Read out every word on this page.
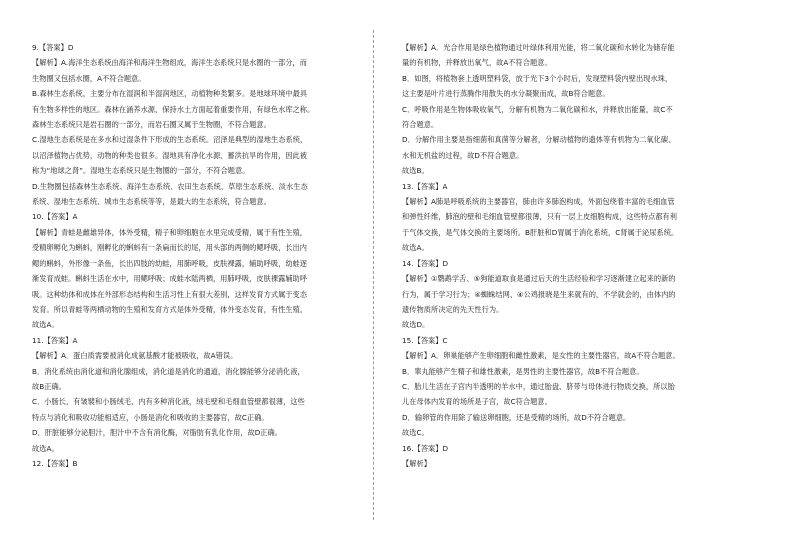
9.【答案】D
【解析】A.海洋生态系统由海洋和海洋生物组成，海洋生态系统只是水圈的一部分，而
生物圈又包括水圈，A不符合题意。
B.森林生态系统，主要分布在湿润和半湿润地区，动植物种类繁多。是地球环境中最具
有生物多样性的地区。森林在涵养水源，保持水土方面起着重要作用，有绿色水库之称。
森林生态系统只是岩石圈的一部分，而岩石圈又属于生物圈，不符合题意。
C.湿地生态系统是在多水和过湿条件下形成的生态系统。沼泽是典型的湿地生态系统，
以沼泽植物占优势，动物的种类也很多。湿地具有净化水源、蓄洪抗旱的作用，因此被
称为“地球之肾”。湿地生态系统只是生物圈的一部分，不符合题意。
D.生物圈包括森林生态系统、海洋生态系统、农田生态系统、草原生态系统、淡水生态
系统、湿地生态系统、城市生态系统等等，是最大的生态系统，符合题意。
10.【答案】A
【解析】青蛙是雌雄异体，体外受精，精子和卵细胞在水里完成受精，属于有性生殖，
受精卵孵化为蝌蚪，刚孵化的蝌蚪有一条扁而长的尾，用头部的两侧的鳃呼吸，长出内
鳃的蝌蚪，外形像一条鱼，长出四肢的幼蛙，用肺呼吸，皮肤裸露，辅助呼吸，幼蛙逐
渐发育成蛙。蝌蚪生活在水中，用鳃呼吸；成蛙水陆两栖，用肺呼吸，皮肤裸露辅助呼
吸。这种幼体和成体在外部形态结构和生活习性上有很大差别，这样发育方式属于变态
发育。所以青蛙等两栖动物的生殖和发育方式是体外受精，体外变态发育，有性生殖。
故选A。
11.【答案】A
【解析】A．蛋白质需要被消化成氨基酸才能被吸收，故A错误。
B．消化系统由消化道和消化腺组成，消化道是消化的通道，消化腺能够分泌消化液，
故B正确。
C．小肠长，有皱襞和小肠绒毛，内有多种消化液，绒毛壁和毛细血管壁都很薄，这些
特点与消化和吸收功能相适应，小肠是消化和吸收的主要器官，故C正确。
D．肝脏能够分泌胆汁，胆汁中不含有消化酶，对脂肪有乳化作用，故D正确。
故选A。
12.【答案】B
【解析】A．光合作用是绿色植物通过叶绿体利用光能，将二氧化碳和水转化为储存能
量的有机物，并释放出氧气，故A不符合题意。
B．如图，将植物套上透明塑料袋，放于光下3个小时后，发现塑料袋内壁出现水珠，
这主要是叶片进行蒸腾作用散失的水分凝聚而成，故B符合题意。
C．呼吸作用是生物体吸收氧气，分解有机物为二氧化碳和水，并释放出能量，故C不
符合题意。
D．分解作用主要是指细菌和真菌等分解者，分解动植物的遗体等有机物为二氧化碳、
水和无机盐的过程，故D不符合题意。
故选B。
13.【答案】A
【解析】A肺是呼吸系统的主要器官，肺由许多肺泡构成，外面包绕着丰富的毛细血管
和弹性纤维，肺泡的壁和毛细血管壁都很薄，只有一层上皮细胞构成，这些特点都有利
于气体交换，是气体交换的主要场所。B肝脏和D胃属于消化系统，C肾属于泌尿系统。
故选A。
14.【答案】D
【解析】①鹦鹉学舌、⑤狗能道取食是通过后天的生活经验和学习逐渐建立起来的新的
行为，属于学习行为；④蜘蛛结网、④公鸡报晓是生来就有的，不学就会的，由体内的
遗传物质所决定的先天性行为。
故选D。
15.【答案】C
【解析】A．卵巢能够产生卵细胞和雌性激素，是女性的主要性器官，故A不符合题意。
B．睾丸能够产生精子和雄性激素，是男性的主要性器官，故B不符合题意。
C．胎儿生活在子宫内半透明的羊水中，通过胎盘、脐带与母体进行物质交换，所以胎
儿在母体内发育的场所是子宫，故C符合题意。
D．输卵管的作用除了输送卵细胞，还是受精的场所，故D不符合题意。
故选C。
16.【答案】D
【解析】
